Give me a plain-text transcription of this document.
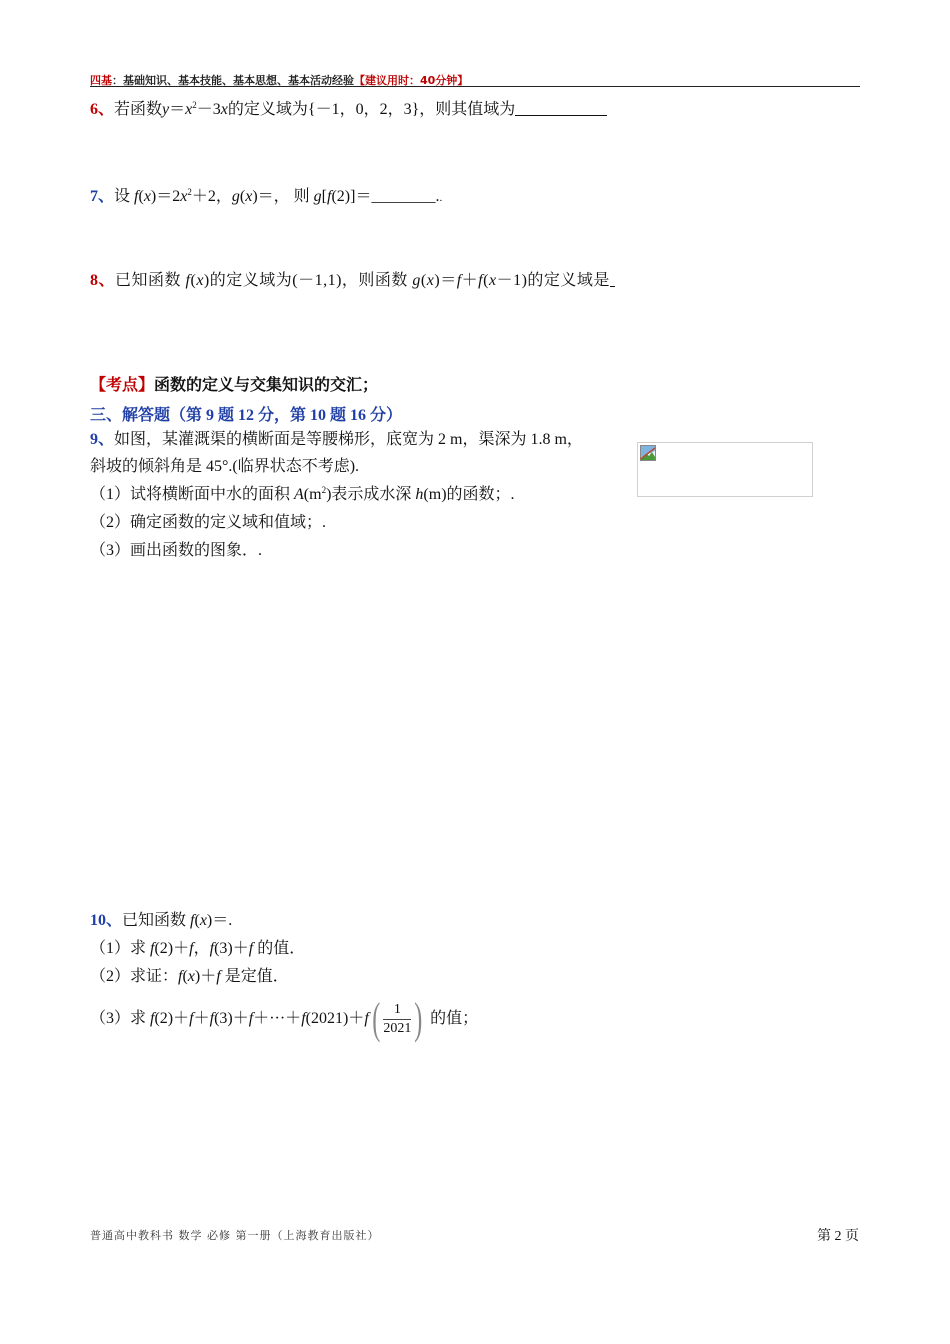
四基：基础知识、基本技能、基本思想、基本活动经验【建议用时：40分钟】
6、若函数$y=x^2-3x$的定义域为{－1，0，2，3}，则其值域为
7、设 $f(x)=2x^2+2$，g(x)＝， 则 g[f(2)]＝________..
8、已知函数 f(x)的定义域为(－1,1)，则函数 g(x)＝f＋f(x－1)的定义域是
【考点】函数的定义与交集知识的交汇；
三、解答题（第 9 题 12 分，第 10 题 16 分）
9、如图，某灌溉渠的横断面是等腰梯形，底宽为 2 m，渠深为 1.8 m，
斜坡的倾斜角是 45°.(临界状态不考虑).
（1）试将横断面中水的面积 $A(m^2)$表示成水深 h(m)的函数；.
（2）确定函数的定义域和值域；.
（3）画出函数的图象．.
10、已知函数 f(x)＝.
（1）求 f(2)＋f，f(3)＋f 的值．
（2）求证：f(x)＋f 是定值．
（3）求 $f(2)+f+f(3)+f+\cdot\cdot\cdot+f(2021)+f( \frac{1}{2021}$ ) 的值；
普通高中教科书 数学 必修 第一册（上海教育出版社）	第 2 页
